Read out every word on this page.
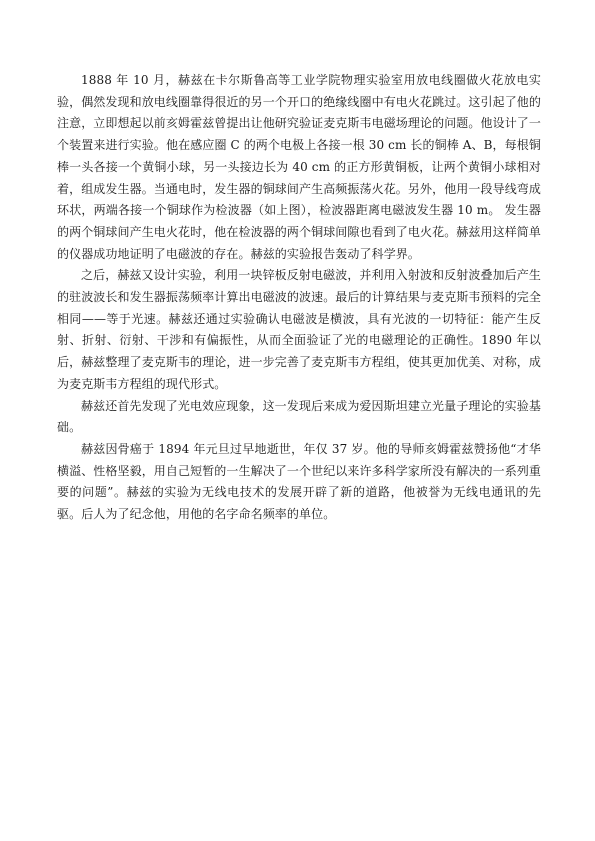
1888 年 10 月，赫兹在卡尔斯鲁高等工业学院物理实验室用放电线圈做火花放电实验，偶然发现和放电线圈靠得很近的另一个开口的绝缘线圈中有电火花跳过。这引起了他的注意，立即想起以前亥姆霍兹曾提出让他研究验证麦克斯韦电磁场理论的问题。他设计了一个装置来进行实验。他在感应圈 C 的两个电极上各接一根 30 cm 长的铜棒 A、B，每根铜棒一头各接一个黄铜小球，另一头接边长为 40 cm 的正方形黄铜板，让两个黄铜小球相对着，组成发生器。当通电时，发生器的铜球间产生高频振荡火花。另外，他用一段导线弯成环状，两端各接一个铜球作为检波器（如上图），检波器距离电磁波发生器 10 m。 发生器的两个铜球间产生电火花时，他在检波器的两个铜球间隙也看到了电火花。赫兹用这样简单的仪器成功地证明了电磁波的存在。赫兹的实验报告轰动了科学界。

之后，赫兹又设计实验，利用一块锌板反射电磁波，并利用入射波和反射波叠加后产生的驻波波长和发生器振荡频率计算出电磁波的波速。最后的计算结果与麦克斯韦预料的完全相同——等于光速。赫兹还通过实验确认电磁波是横波，具有光波的一切特征：能产生反射、折射、衍射、干涉和有偏振性，从而全面验证了光的电磁理论的正确性。1890 年以后，赫兹整理了麦克斯韦的理论，进一步完善了麦克斯韦方程组，使其更加优美、对称，成为麦克斯韦方程组的现代形式。

赫兹还首先发现了光电效应现象，这一发现后来成为爱因斯坦建立光量子理论的实验基础。

赫兹因骨癌于 1894 年元旦过早地逝世，年仅 37 岁。他的导师亥姆霍兹赞扬他“才华横溢、性格坚毅，用自己短暂的一生解决了一个世纪以来许多科学家所没有解决的一系列重要的问题”。赫兹的实验为无线电技术的发展开辟了新的道路，他被誉为无线电通讯的先驱。后人为了纪念他，用他的名字命名频率的单位。
